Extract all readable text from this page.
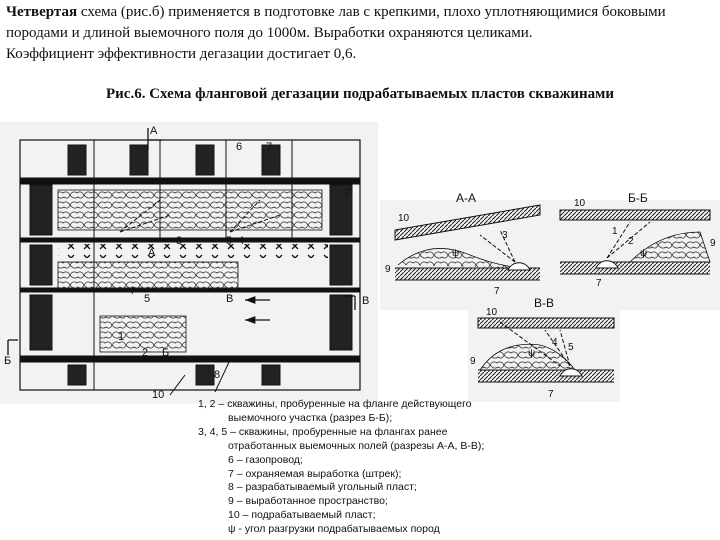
Четвертая схема (рис.б) применяется в подготовке лав с крепкими, плохо уплотняющимися боковыми
породами и длиной выемочного поля до 1000м. Выработки охраняются целиками.
Коэффициент эффективности дегазации достигает 0,6.

Рис.6. Схема фланговой дегазации подрабатываемых пластов скважинами
А
6 7
7
3	5 4
А
4
5	В	В
1
2 Б
Б
8
10
А-А
10
3
ψ
9
7
Б-Б
10
1
2
ψ
9
7
В-В
10
4 5
ψ
9
7
1, 2 – скважины, пробуренные на фланге действующего
выемочного участка (разрез Б-Б);
3, 4, 5 – скважины, пробуренные на флангах ранее
отработанных выемочных полей (разрезы А-А, В-В);
6 – газопровод;
7 – охраняемая выработка (штрек);
8 – разрабатываемый угольный пласт;
9 – выработанное пространство;
10 – подрабатываемый пласт;
ψ - угол разгрузки подрабатываемых пород
